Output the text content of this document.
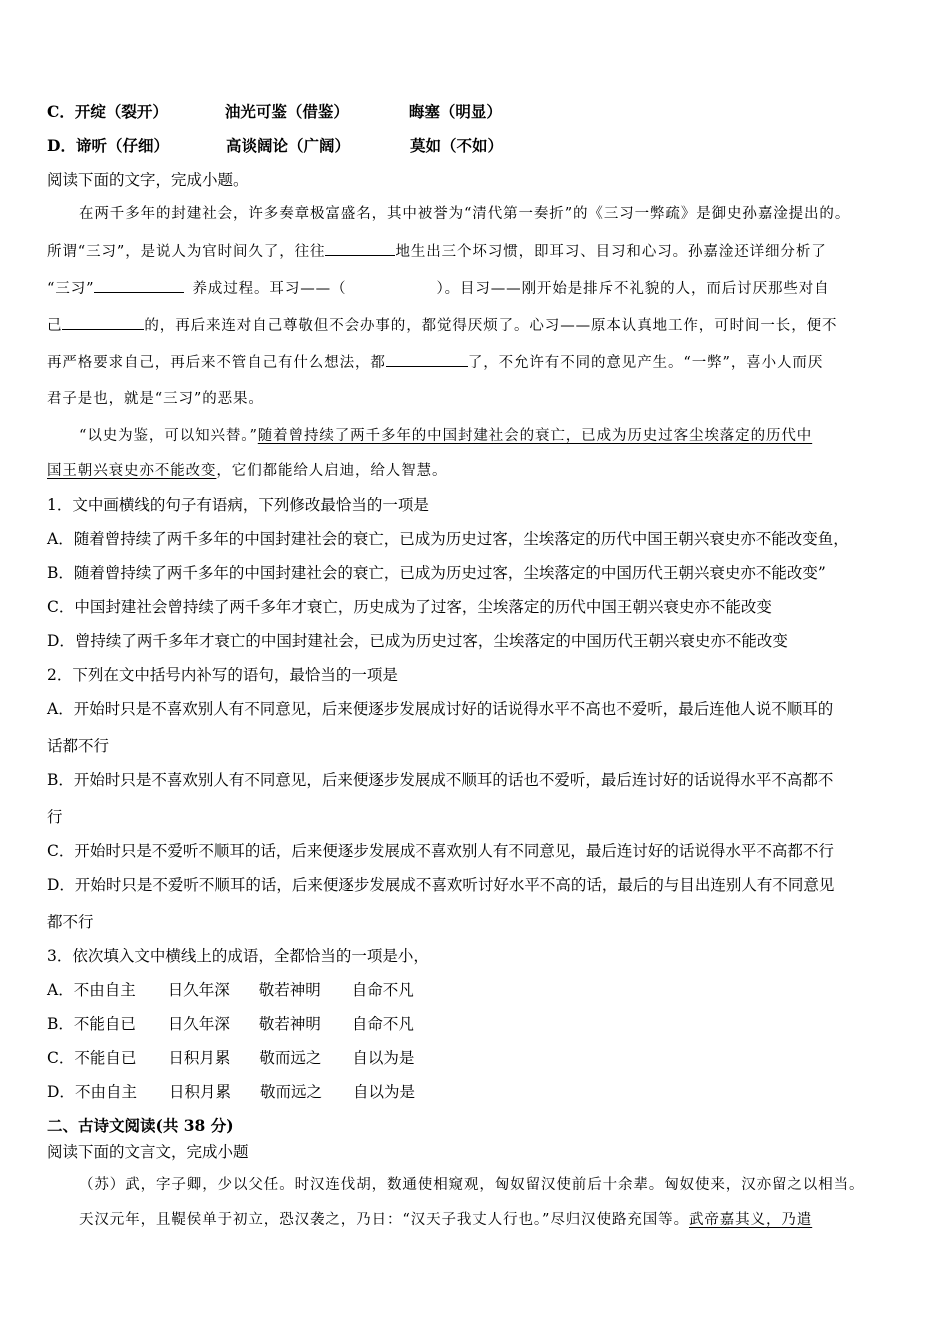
C．开绽（裂开）	油光可鉴（借鉴）	晦塞（明显）
D．谛听（仔细）	高谈阔论（广阔）	莫如（不如）
阅读下面的文字，完成小题。
在两千多年的封建社会，许多奏章极富盛名，其中被誉为“清代第一奏折”的《三习一弊疏》是御史孙嘉淦提出的。
所谓“三习”，是说人为官时间久了，往往	地生出三个坏习惯，即耳习、目习和心习。孙嘉淦还详细分析了
“三习”	养成过程。耳习——（	）。目习——刚开始是排斥不礼貌的人，而后讨厌那些对自
己	的，再后来连对自己尊敬但不会办事的，都觉得厌烦了。心习——原本认真地工作，可时间一长，便不
再严格要求自己，再后来不管自己有什么想法，都	了，不允许有不同的意见产生。“一弊”，喜小人而厌
君子是也，就是“三习”的恶果。
“以史为鉴，可以知兴替。”随着曾持续了两千多年的中国封建社会的衰亡，已成为历史过客尘埃落定的历代中
国王朝兴衰史亦不能改变，它们都能给人启迪，给人智慧。
1．文中画横线的句子有语病，下列修改最恰当的一项是
A．随着曾持续了两千多年的中国封建社会的衰亡，已成为历史过客，尘埃落定的历代中国王朝兴衰史亦不能改变鱼，
B．随着曾持续了两千多年的中国封建社会的衰亡，已成为历史过客，尘埃落定的中国历代王朝兴衰史亦不能改变”
C．中国封建社会曾持续了两千多年才衰亡，历史成为了过客，尘埃落定的历代中国王朝兴衰史亦不能改变
D．曾持续了两千多年才衰亡的中国封建社会，已成为历史过客，尘埃落定的中国历代王朝兴衰史亦不能改变
2．下列在文中括号内补写的语句，最恰当的一项是
A．开始时只是不喜欢别人有不同意见，后来便逐步发展成讨好的话说得水平不高也不爱听，最后连他人说不顺耳的
话都不行
B．开始时只是不喜欢别人有不同意见，后来便逐步发展成不顺耳的话也不爱听，最后连讨好的话说得水平不高都不
行
C．开始时只是不爱听不顺耳的话，后来便逐步发展成不喜欢别人有不同意见，最后连讨好的话说得水平不高都不行
D．开始时只是不爱听不顺耳的话，后来便逐步发展成不喜欢听讨好水平不高的话，最后的与目出连别人有不同意见
都不行
3．依次填入文中横线上的成语，全都恰当的一项是小，
A．不由自主 日久年深 敬若神明 自命不凡
B．不能自已 日久年深 敬若神明 自命不凡
C．不能自已 日积月累 敬而远之 自以为是
D．不由自主 日积月累 敬而远之 自以为是
二、古诗文阅读(共 38 分)
阅读下面的文言文，完成小题
（苏）武，字子卿，少以父任。时汉连伐胡，数通使相窥观，匈奴留汉使前后十余辈。匈奴使来，汉亦留之以相当。
天汉元年，且鞮侯单于初立，恐汉袭之，乃日：“汉天子我丈人行也。”尽归汉使路充国等。武帝嘉其义，乃遣
